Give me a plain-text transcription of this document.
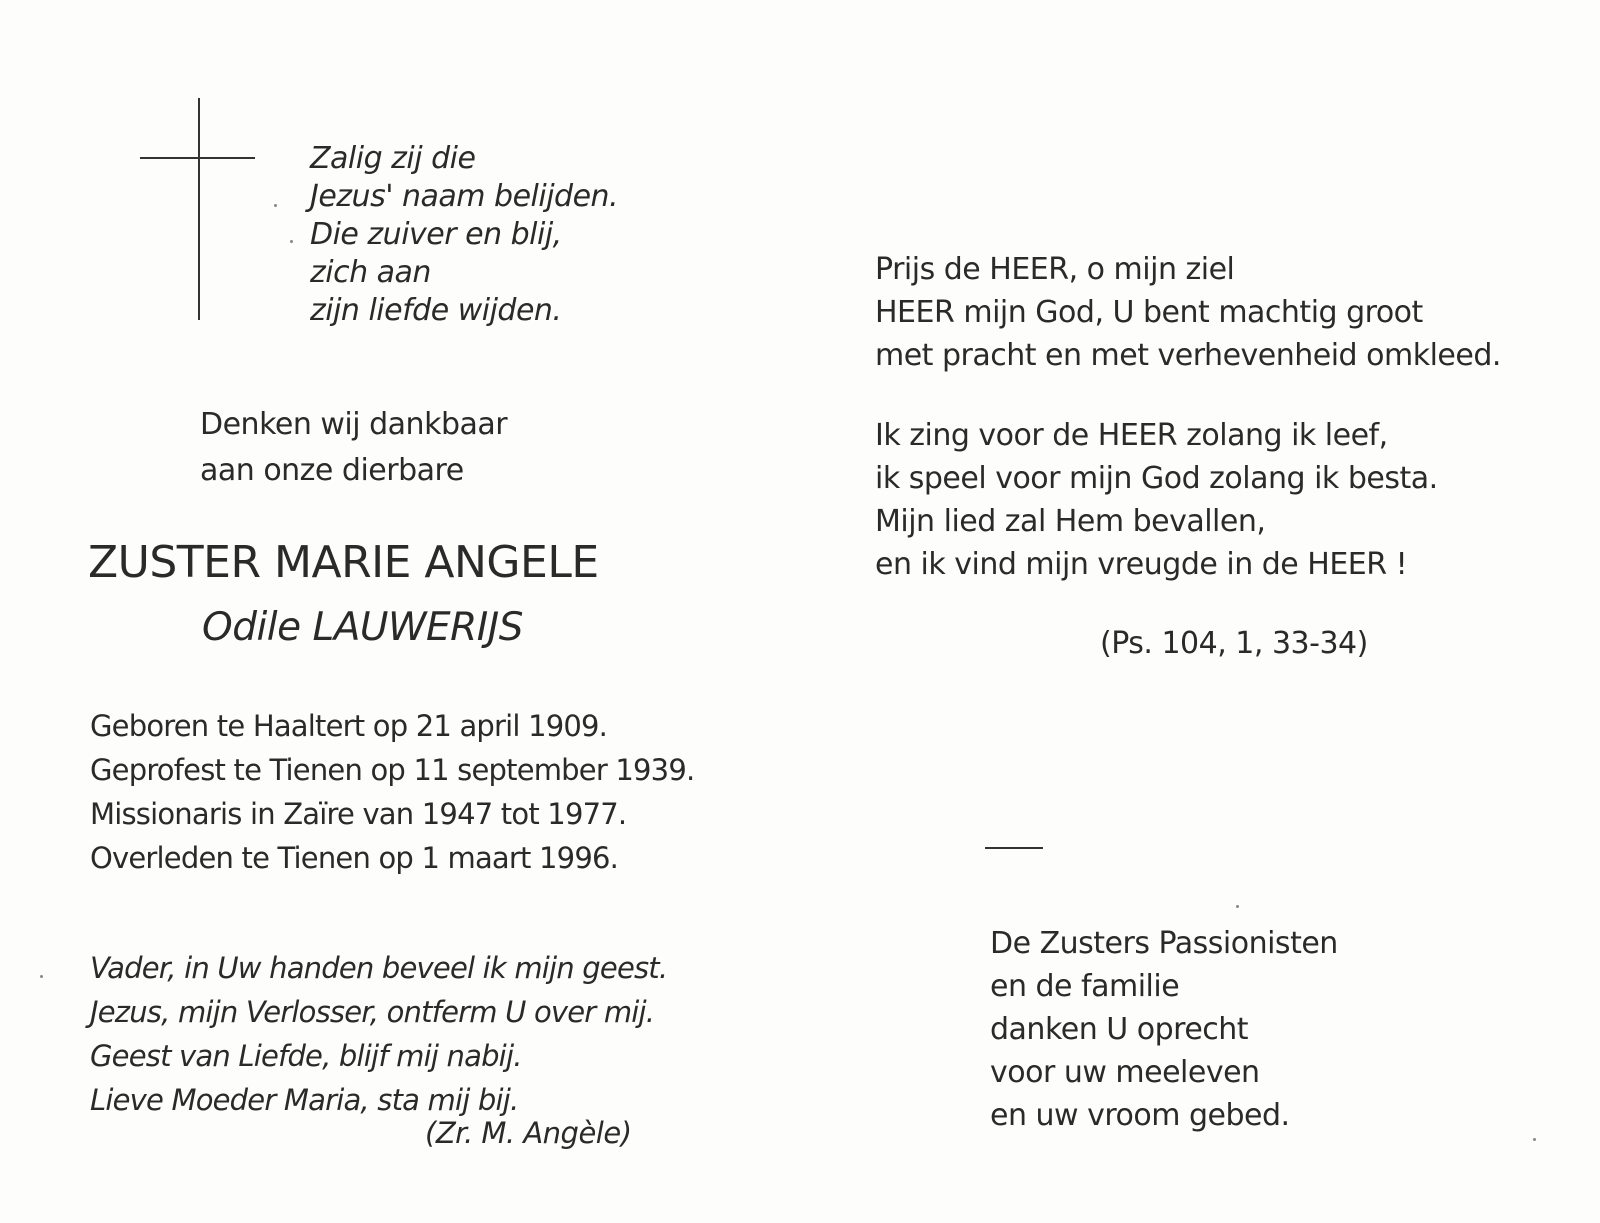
Zalig zij die
Jezus' naam belijden.
Die zuiver en blij,
zich aan
zijn liefde wijden.
Denken wij dankbaar
aan onze dierbare
ZUSTER MARIE ANGELE
Odile LAUWERIJS
Geboren te Haaltert op 21 april 1909.
Geprofest te Tienen op 11 september 1939.
Missionaris in Zaïre van 1947 tot 1977.
Overleden te Tienen op 1 maart 1996.
Vader, in Uw handen beveel ik mijn geest.
Jezus, mijn Verlosser, ontferm U over mij.
Geest van Liefde, blijf mij nabij.
Lieve Moeder Maria, sta mij bij.
(Zr. M. Angèle)
Prijs de HEER, o mijn ziel
HEER mijn God, U bent machtig groot
met pracht en met verhevenheid omkleed.
Ik zing voor de HEER zolang ik leef,
ik speel voor mijn God zolang ik besta.
Mijn lied zal Hem bevallen,
en ik vind mijn vreugde in de HEER !
(Ps. 104, 1, 33-34)
De Zusters Passionisten
en de familie
danken U oprecht
voor uw meeleven
en uw vroom gebed.
